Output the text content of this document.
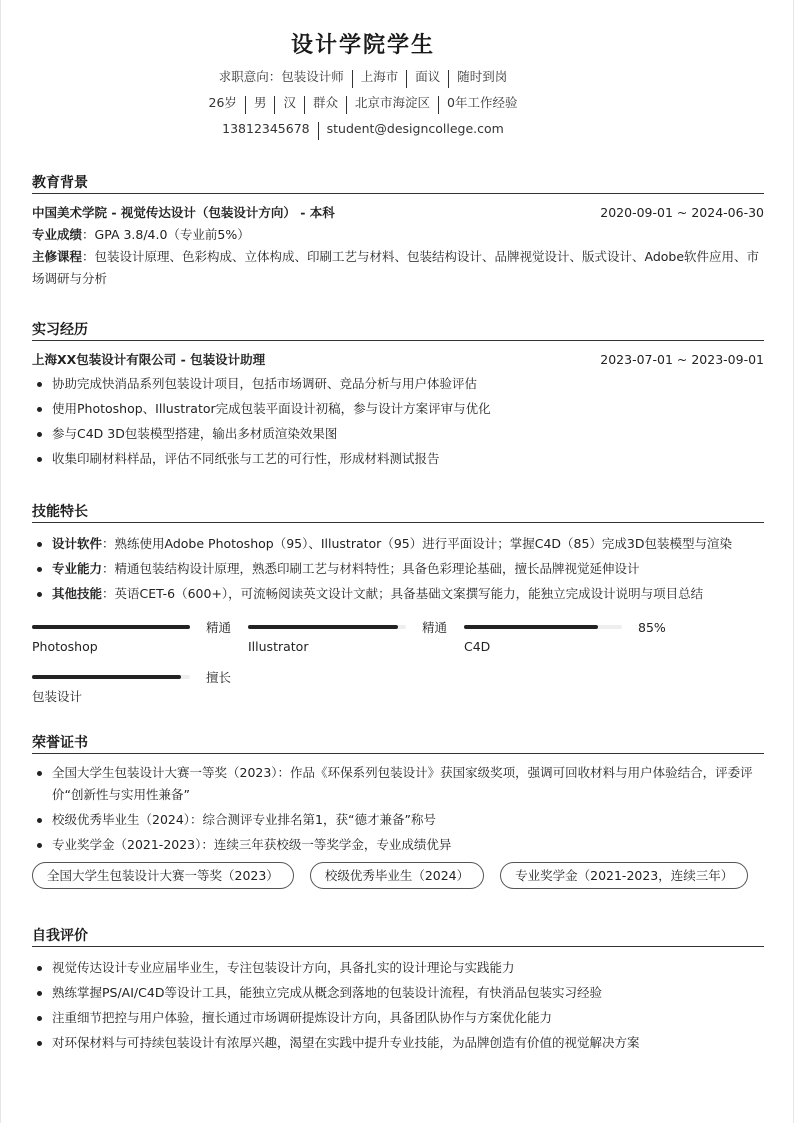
设计学院学生
求职意向：包装设计师	上海市	面议	随时到岗
26岁	男	汉	群众	北京市海淀区	0年工作经验
13812345678	student@designcollege.com
教育背景
中国美术学院 - 视觉传达设计（包装设计方向） - 本科	2020-09-01 ~ 2024-06-30
专业成绩：GPA 3.8/4.0（专业前5%）
主修课程：包装设计原理、色彩构成、立体构成、印刷工艺与材料、包装结构设计、品牌视觉设计、版式设计、Adobe软件应用、市场调研与分析
实习经历
上海XX包装设计有限公司 - 包装设计助理	2023-07-01 ~ 2023-09-01
协助完成快消品系列包装设计项目，包括市场调研、竞品分析与用户体验评估
使用Photoshop、Illustrator完成包装平面设计初稿，参与设计方案评审与优化
参与C4D 3D包装模型搭建，输出多材质渲染效果图
收集印刷材料样品，评估不同纸张与工艺的可行性，形成材料测试报告
技能特长
设计软件：熟练使用Adobe Photoshop（95）、Illustrator（95）进行平面设计；掌握C4D（85）完成3D包装模型与渲染
专业能力：精通包装结构设计原理，熟悉印刷工艺与材料特性；具备色彩理论基础，擅长品牌视觉延伸设计
其他技能：英语CET-6（600+），可流畅阅读英文设计文献；具备基础文案撰写能力，能独立完成设计说明与项目总结
精通
Photoshop
精通
Illustrator
85%
C4D
擅长
包装设计
荣誉证书
全国大学生包装设计大赛一等奖（2023）：作品《环保系列包装设计》获国家级奖项，强调可回收材料与用户体验结合，评委评价“创新性与实用性兼备”
校级优秀毕业生（2024）：综合测评专业排名第1，获“德才兼备”称号
专业奖学金（2021-2023）：连续三年获校级一等奖学金，专业成绩优异
全国大学生包装设计大赛一等奖（2023）	校级优秀毕业生（2024）	专业奖学金（2021-2023，连续三年）
自我评价
视觉传达设计专业应届毕业生，专注包装设计方向，具备扎实的设计理论与实践能力
熟练掌握PS/AI/C4D等设计工具，能独立完成从概念到落地的包装设计流程，有快消品包装实习经验
注重细节把控与用户体验，擅长通过市场调研提炼设计方向，具备团队协作与方案优化能力
对环保材料与可持续包装设计有浓厚兴趣，渴望在实践中提升专业技能，为品牌创造有价值的视觉解决方案
